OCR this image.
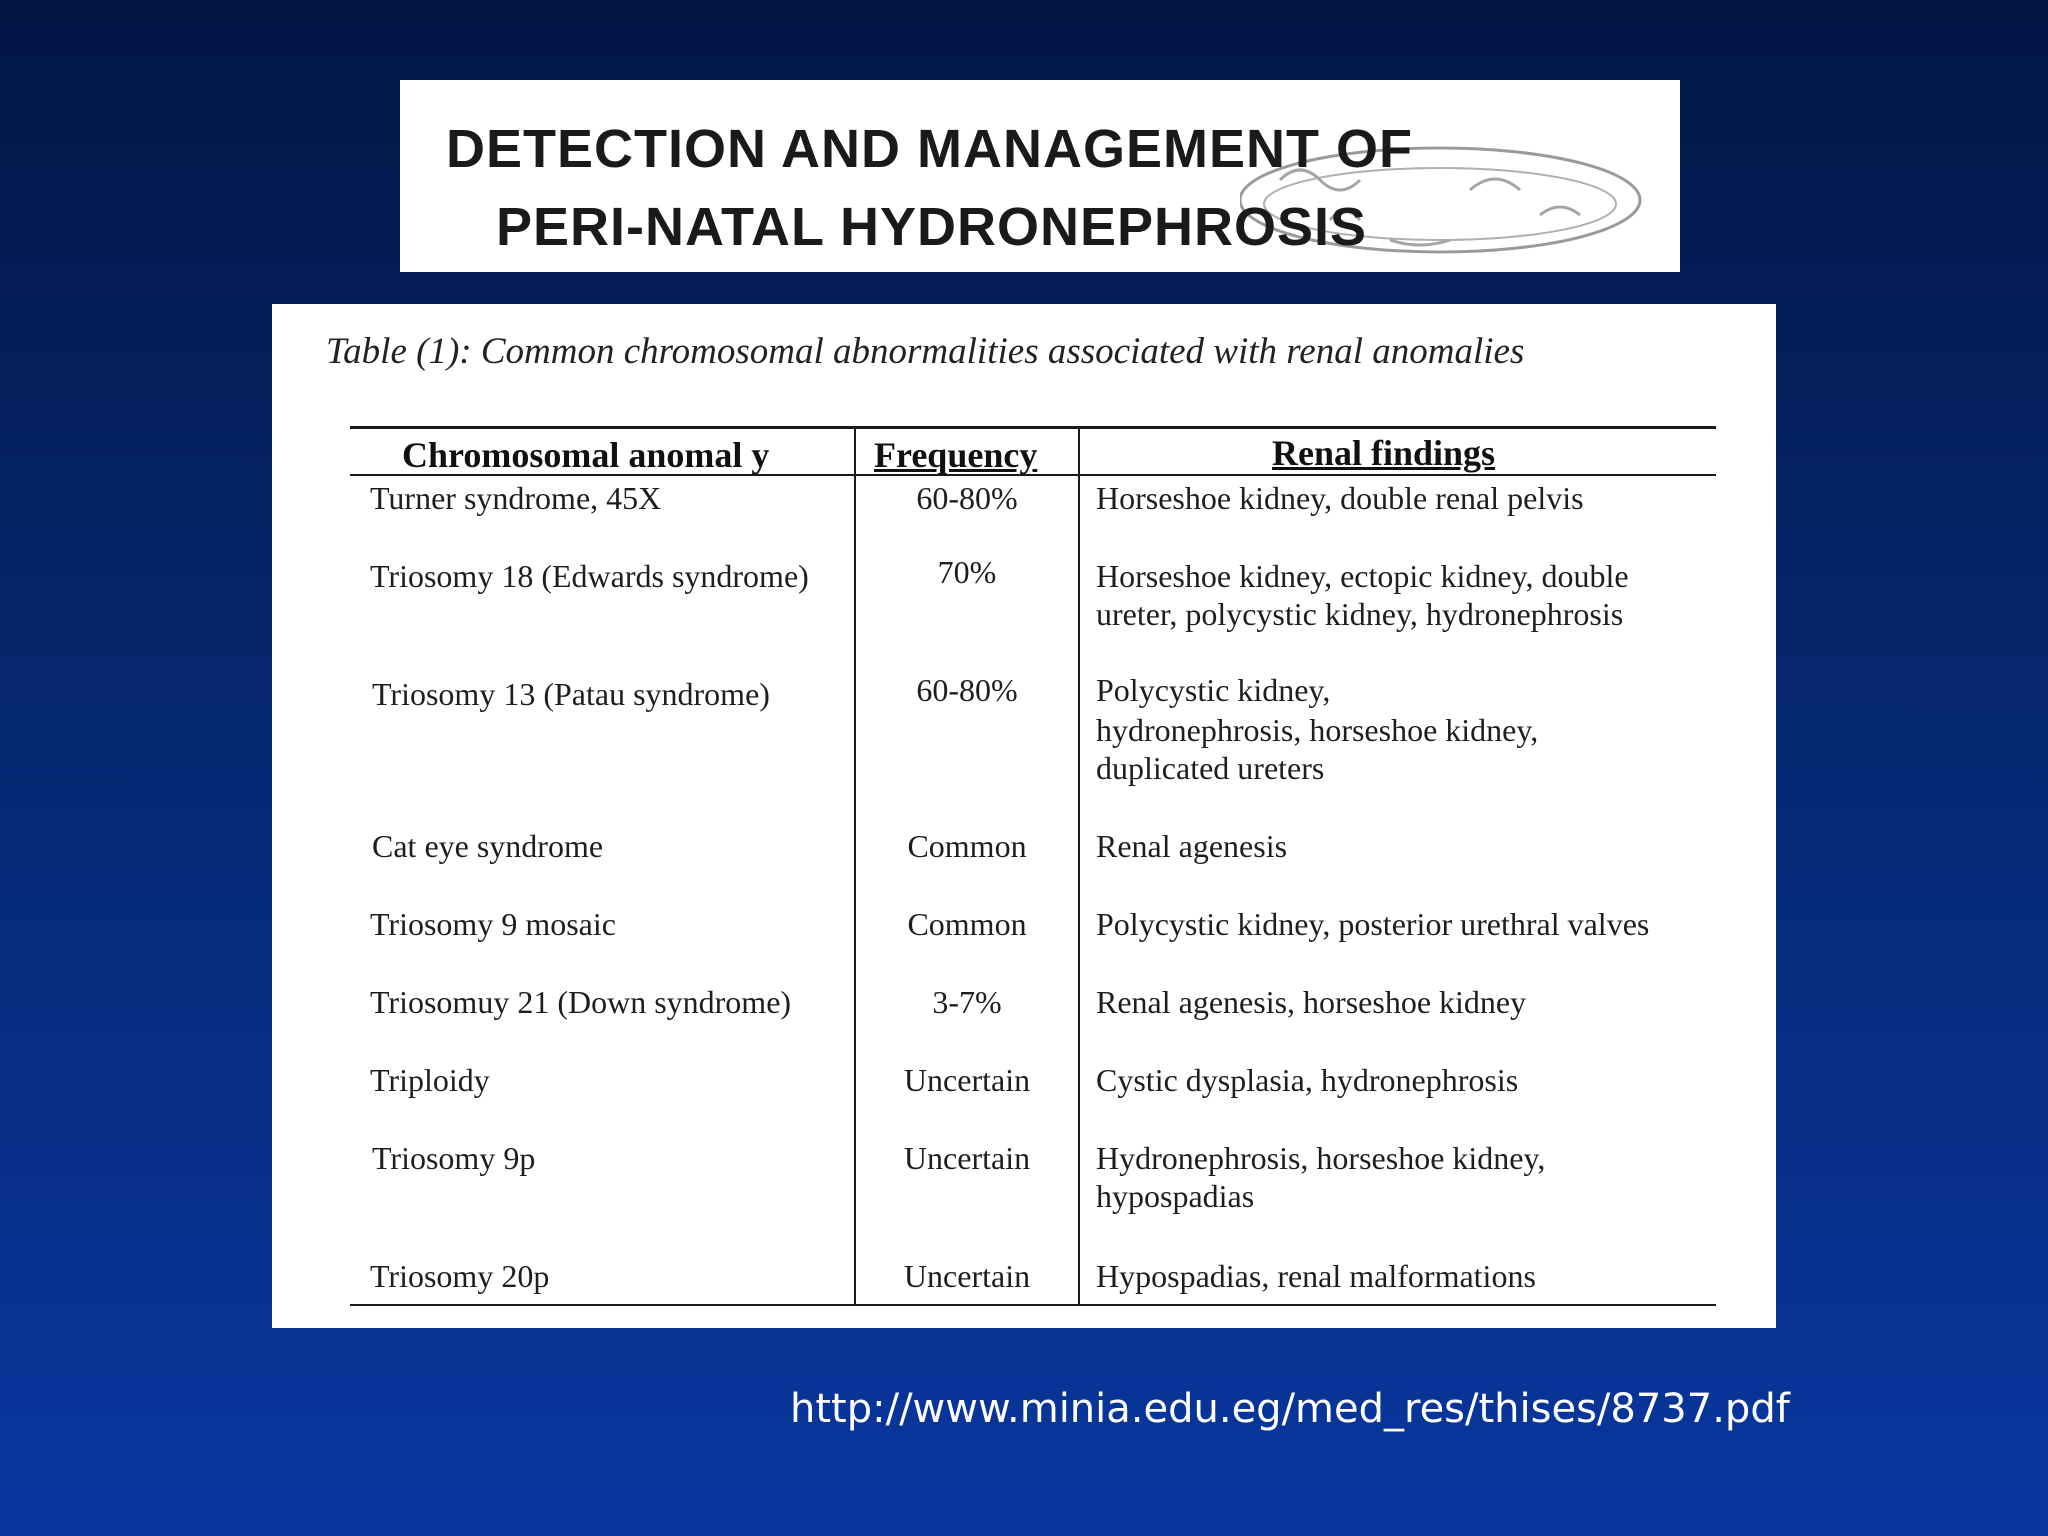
DETECTION AND MANAGEMENT OF
PERI-NATAL HYDRONEPHROSIS
Table (1): Common chromosomal abnormalities associated with renal anomalies
Chromosomal anomal y	Frequency	Renal findings
Turner syndrome, 45X	60-80%	Horseshoe kidney, double renal pelvis
Triosomy 18 (Edwards syndrome)	70%	Horseshoe kidney, ectopic kidney, double
ureter, polycystic kidney, hydronephrosis
Triosomy 13 (Patau syndrome)	60-80%	Polycystic kidney,
hydronephrosis, horseshoe kidney,
duplicated ureters
Cat eye syndrome	Common	Renal agenesis
Triosomy 9 mosaic	Common	Polycystic kidney, posterior urethral valves
Triosomuy 21 (Down syndrome)	3-7%	Renal agenesis, horseshoe kidney
Triploidy	Uncertain	Cystic dysplasia, hydronephrosis
Triosomy 9p	Uncertain	Hydronephrosis, horseshoe kidney,
hypospadias
Triosomy 20p	Uncertain	Hypospadias, renal malformations
http://www.minia.edu.eg/med_res/thises/8737.pdf
